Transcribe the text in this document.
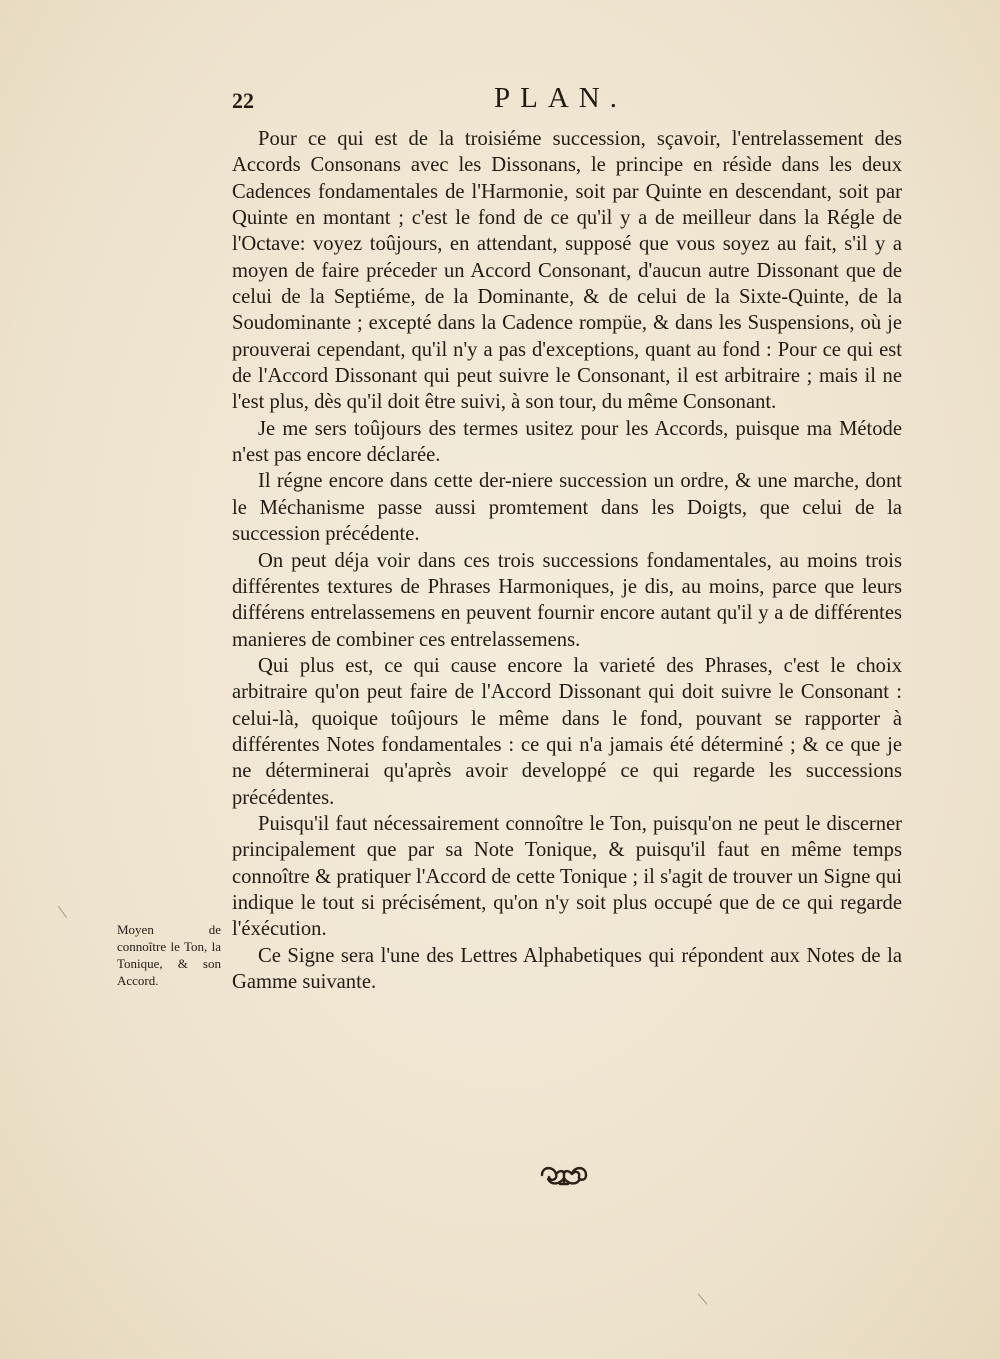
22	PLAN.

Pour ce qui est de la troisiéme succession, sçavoir, l'entrelassement des Accords Consonans avec les Dissonans, le principe en résìde dans les deux Cadences fondamentales de l'Harmonie, soit par Quinte en descendant, soit par Quinte en montant ; c'est le fond de ce qu'il y a de meilleur dans la Régle de l'Octave: voyez toûjours, en attendant, supposé que vous soyez au fait, s'il y a moyen de faire préceder un Accord Consonant, d'aucun autre Dissonant que de celui de la Septiéme, de la Dominante, & de celui de la Sixte-Quinte, de la Soudominante ; excepté dans la Cadence rompüe, & dans les Suspensions, où je prouverai cependant, qu'il n'y a pas d'exceptions, quant au fond : Pour ce qui est de l'Accord Dissonant qui peut suivre le Consonant, il est arbitraire ; mais il ne l'est plus, dès qu'il doit être suivi, à son tour, du même Consonant.

Je me sers toûjours des termes usitez pour les Accords, puisque ma Métode n'est pas encore déclarée.

Il régne encore dans cette der-niere succession un ordre, & une marche, dont le Méchanisme passe aussi promtement dans les Doigts, que celui de la succession précédente.

On peut déja voir dans ces trois successions fondamentales, au moins trois différentes textures de Phrases Harmoniques, je dis, au moins, parce que leurs différens entrelassemens en peuvent fournir encore autant qu'il y a de différentes manieres de combiner ces entrelassemens.

Qui plus est, ce qui cause encore la varieté des Phrases, c'est le choix arbitraire qu'on peut faire de l'Accord Dissonant qui doit suivre le Consonant : celui-là, quoique toûjours le même dans le fond, pouvant se rapporter à différentes Notes fondamentales : ce qui n'a jamais été déterminé ; & ce que je ne déterminerai qu'après avoir developpé ce qui regarde les successions précédentes.

Puisqu'il faut nécessairement connoître le Ton, puisqu'on ne peut le discerner principalement que par sa Note Tonique, & puisqu'il faut en même temps connoître & pratiquer l'Accord de cette Tonique ; il s'agit de trouver un Signe qui indique le tout si précisément, qu'on n'y soit plus occupé que de ce qui regarde l'éxécution.

Ce Signe sera l'une des Lettres Alphabetiques qui répondent aux Notes de la Gamme suivante.

Moyen de connoître le Ton, la Tonique, & son Accord.
